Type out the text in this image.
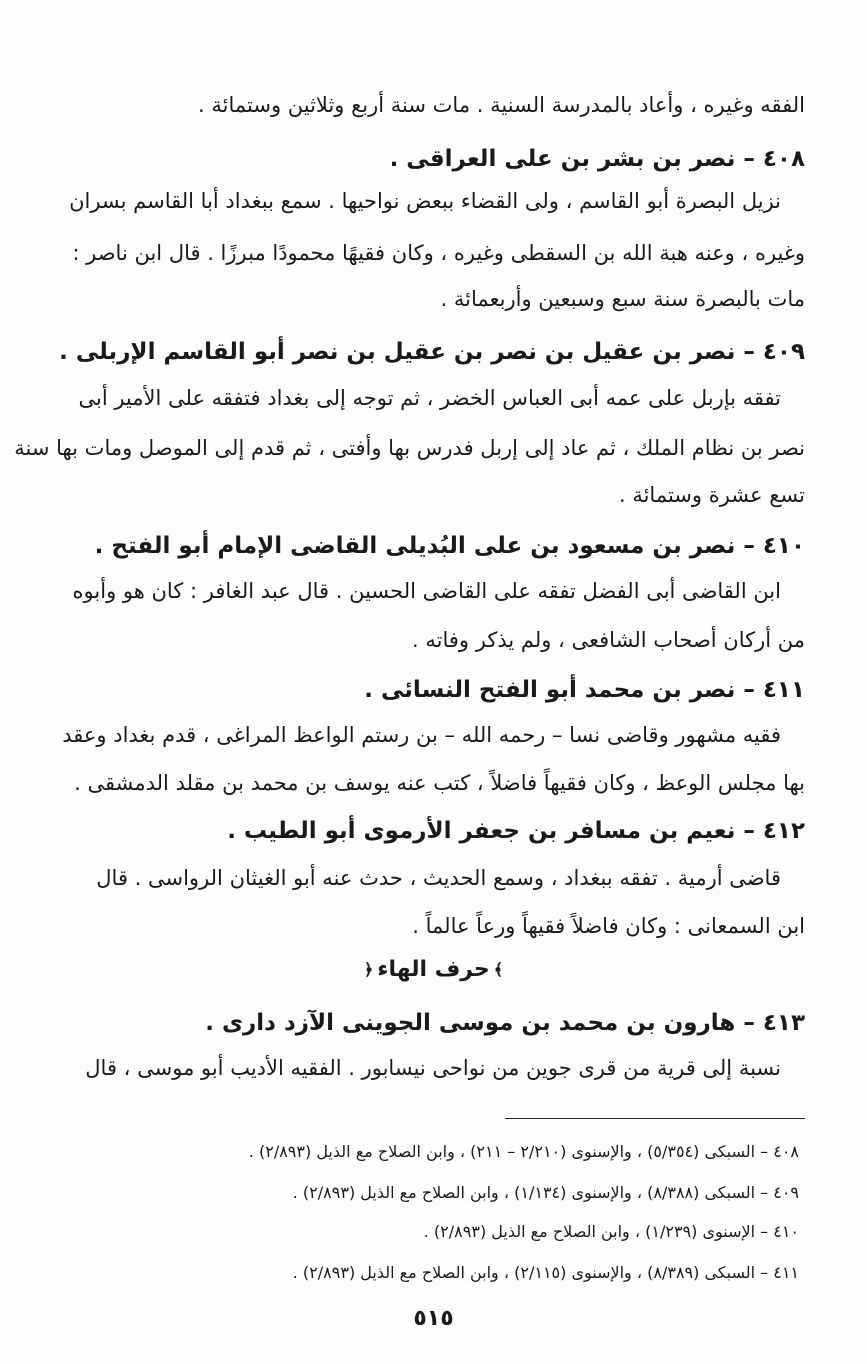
الفقه وغيره ، وأعاد بالمدرسة السنية . مات سنة أربع وثلاثين وستمائة .
٤٠٨ – نصر بن بشر بن على العراقى .
نزيل البصرة أبو القاسم ، ولى القضاء ببعض نواحيها . سمع ببغداد أبا القاسم بسران
وغيره ، وعنه هبة الله بن السقطى وغيره ، وكان فقيهًا محمودًا مبرزًا . قال ابن ناصر :
مات بالبصرة سنة سبع وسبعين وأربعمائة .
٤٠٩ – نصر بن عقيل بن نصر بن عقيل بن نصر أبو القاسم الإربلى .
تفقه بإربل على عمه أبى العباس الخضر ، ثم توجه إلى بغداد فتفقه على الأمير أبى
نصر بن نظام الملك ، ثم عاد إلى إربل فدرس بها وأفتى ، ثم قدم إلى الموصل ومات بها سنة
تسع عشرة وستمائة .
٤١٠ – نصر بن مسعود بن على البُديلى القاضى الإمام أبو الفتح .
ابن القاضى أبى الفضل تفقه على القاضى الحسين . قال عبد الغافر : كان هو وأبوه
من أركان أصحاب الشافعى ، ولم يذكر وفاته .
٤١١ – نصر بن محمد أبو الفتح النسائى .
فقيه مشهور وقاضى نسا – رحمه الله – بن رستم الواعظ المراغى ، قدم بغداد وعقد
بها مجلس الوعظ ، وكان فقيهاً فاضلاً ، كتب عنه يوسف بن محمد بن مقلد الدمشقى .
٤١٢ – نعيم بن مسافر بن جعفر الأرموى أبو الطيب .
قاضى أرمية . تفقه ببغداد ، وسمع الحديث ، حدث عنه أبو الغيثان الرواسى . قال
ابن السمعانى : وكان فاضلاً فقيهاً ورعاً عالماً .
﴾حرف الهاء﴿
٤١٣ – هارون بن محمد بن موسى الجوينى الآزد دارى .
نسبة إلى قرية من قرى جوين من نواحى نيسابور . الفقيه الأديب أبو موسى ، قال
٤٠٨ – السبكى (٥/٣٥٤) ، والإسنوى (٢/٢١٠ – ٢١١) ، وابن الصلاح مع الذيل (٢/٨٩٣) .
٤٠٩ – السبكى (٨/٣٨٨) ، والإسنوى (١/١٣٤) ، وابن الصلاح مع الذيل (٢/٨٩٣) .
٤١٠ – الإسنوى (١/٢٣٩) ، وابن الصلاح مع الذيل (٢/٨٩٣) .
٤١١ – السبكى (٨/٣٨٩) ، والإسنوى (٢/١١٥) ، وابن الصلاح مع الذيل (٢/٨٩٣) .
٥١٥
